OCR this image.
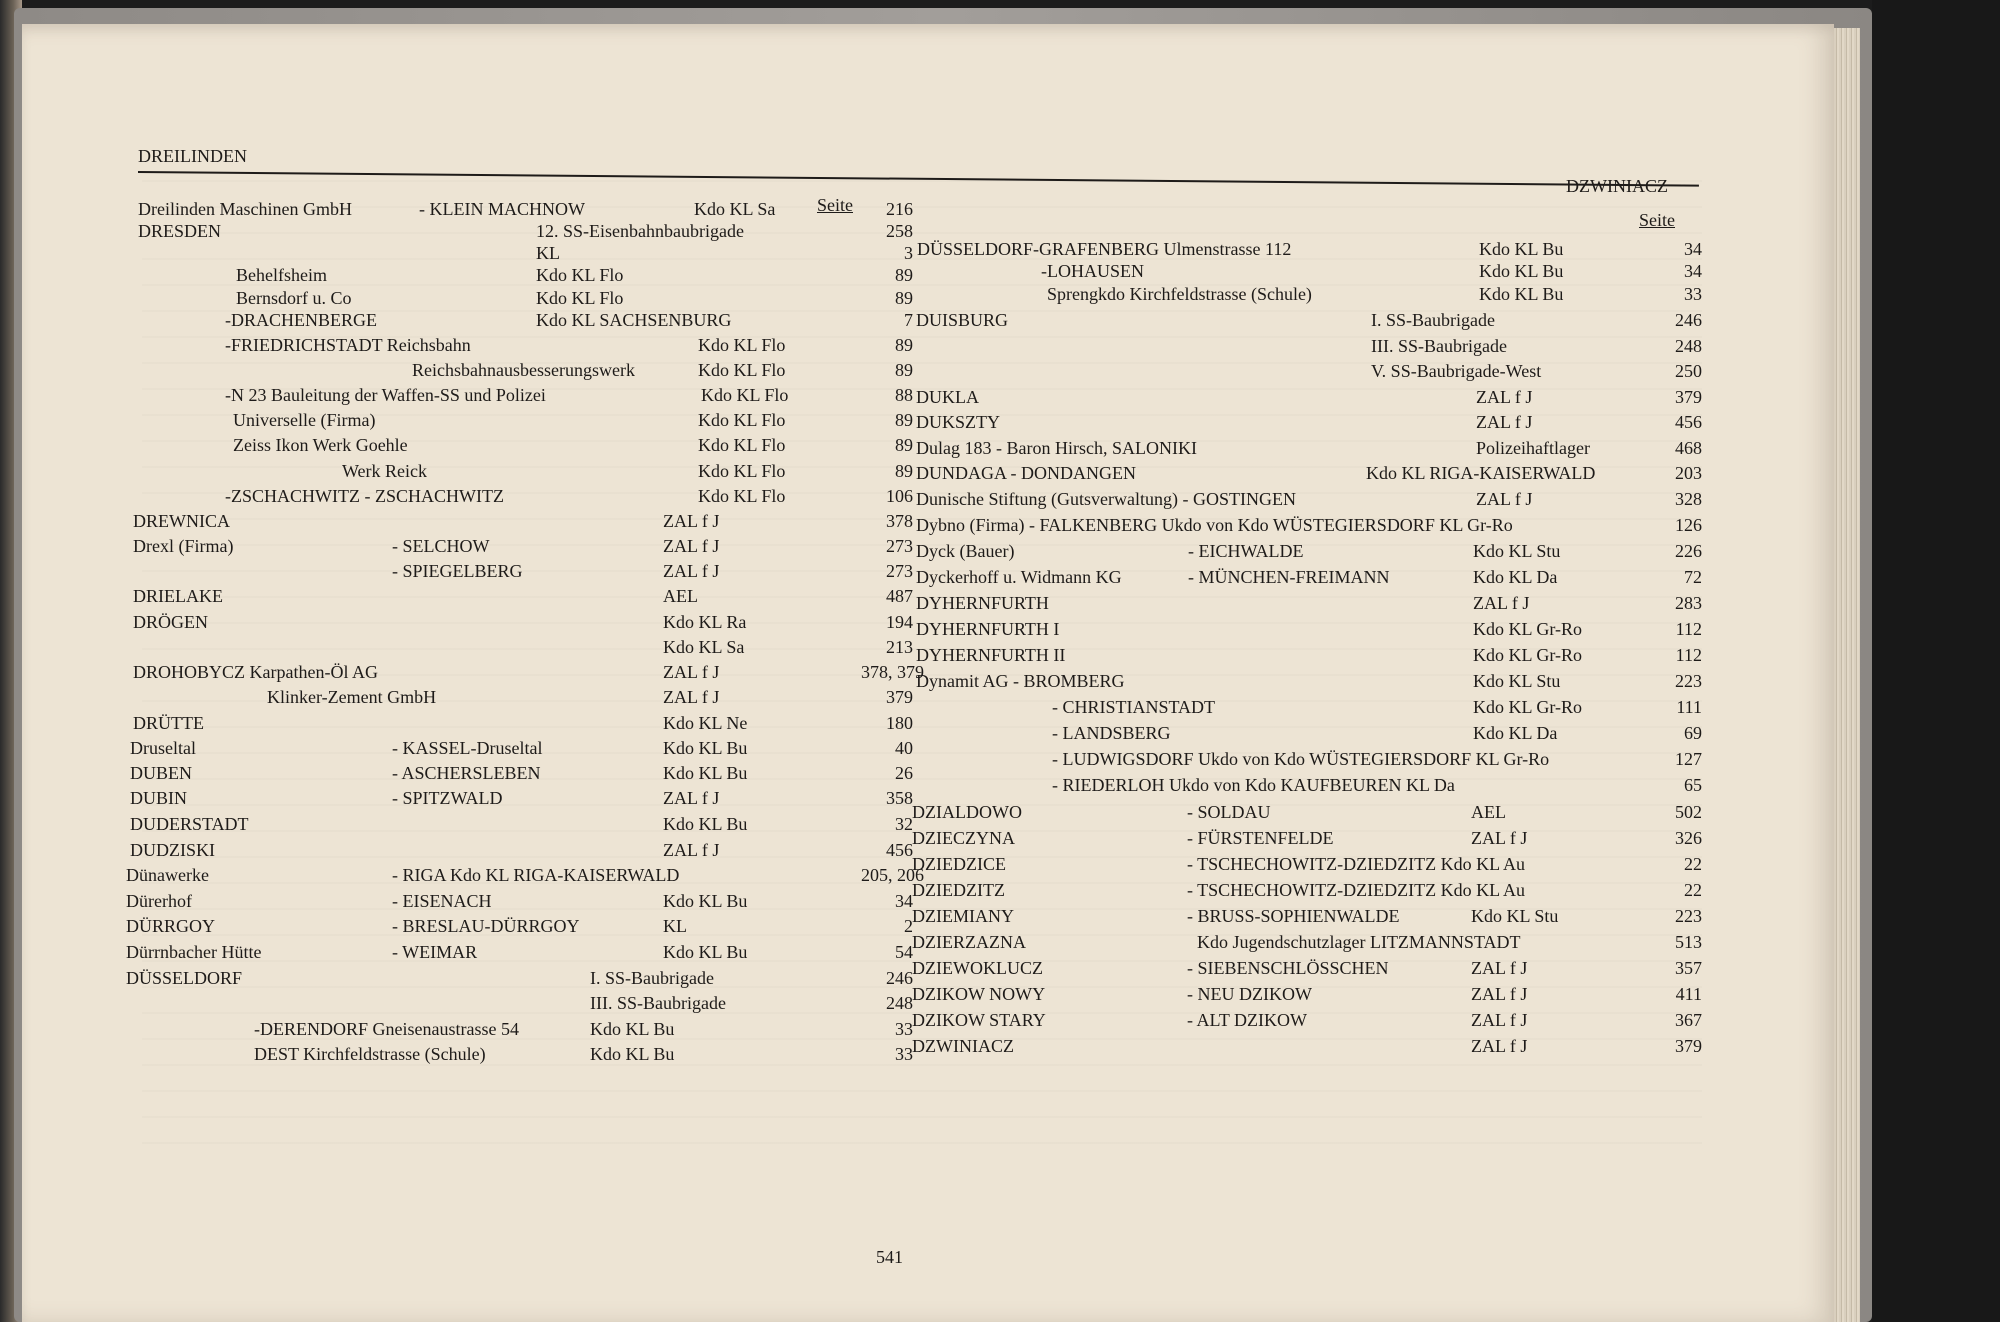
DREILINDEN
DZWINIACZ
Seite
Seite
Dreilinden Maschinen GmbH	- KLEIN MACHNOW	Kdo KL Sa	216
DRESDEN	12. SS-Eisenbahnbaubrigade	258
KL	3
Behelfsheim	Kdo KL Flo	89
Bernsdorf u. Co	Kdo KL Flo	89
-DRACHENBERGE	Kdo KL SACHSENBURG	7
-FRIEDRICHSTADT Reichsbahn	Kdo KL Flo	89
Reichsbahnausbesserungswerk	Kdo KL Flo	89
-N 23 Bauleitung der Waffen-SS und Polizei	Kdo KL Flo	88
Universelle (Firma)	Kdo KL Flo	89
Zeiss Ikon Werk Goehle	Kdo KL Flo	89
Werk Reick	Kdo KL Flo	89
-ZSCHACHWITZ - ZSCHACHWITZ	Kdo KL Flo	106
DREWNICA	ZAL f J	378
Drexl (Firma)	- SELCHOW	ZAL f J	273
- SPIEGELBERG	ZAL f J	273
DRIELAKE	AEL	487
DRÖGEN	Kdo KL Ra	194
Kdo KL Sa	213
DROHOBYCZ Karpathen-Öl AG	ZAL f J	378, 379
Klinker-Zement GmbH	ZAL f J	379
DRÜTTE	Kdo KL Ne	180
Druseltal	- KASSEL-Druseltal	Kdo KL Bu	40
DUBEN	- ASCHERSLEBEN	Kdo KL Bu	26
DUBIN	- SPITZWALD	ZAL f J	358
DUDERSTADT	Kdo KL Bu	32
DUDZISKI	ZAL f J	456
Dünawerke	- RIGA Kdo KL RIGA-KAISERWALD	205, 206
Dürerhof	- EISENACH	Kdo KL Bu	34
DÜRRGOY	- BRESLAU-DÜRRGOY	KL	2
Dürrnbacher Hütte	- WEIMAR	Kdo KL Bu	54
DÜSSELDORF	I. SS-Baubrigade	246
III. SS-Baubrigade	248
-DERENDORF Gneisenaustrasse 54	Kdo KL Bu	33
DEST Kirchfeldstrasse (Schule)	Kdo KL Bu	33
DÜSSELDORF-GRAFENBERG Ulmenstrasse 112	Kdo KL Bu	34
-LOHAUSEN	Kdo KL Bu	34
Sprengkdo Kirchfeldstrasse (Schule)	Kdo KL Bu	33
DUISBURG	I. SS-Baubrigade	246
III. SS-Baubrigade	248
V. SS-Baubrigade-West	250
DUKLA	ZAL f J	379
DUKSZTY	ZAL f J	456
Dulag 183 - Baron Hirsch, SALONIKI	Polizeihaftlager	468
DUNDAGA - DONDANGEN	Kdo KL RIGA-KAISERWALD	203
Dunische Stiftung (Gutsverwaltung) - GOSTINGEN	ZAL f J	328
Dybno (Firma) - FALKENBERG Ukdo von Kdo WÜSTEGIERSDORF KL Gr-Ro	126
Dyck (Bauer)	- EICHWALDE	Kdo KL Stu	226
Dyckerhoff u. Widmann KG	- MÜNCHEN-FREIMANN	Kdo KL Da	72
DYHERNFURTH	ZAL f J	283
DYHERNFURTH I	Kdo KL Gr-Ro	112
DYHERNFURTH II	Kdo KL Gr-Ro	112
Dynamit AG - BROMBERG	Kdo KL Stu	223
- CHRISTIANSTADT	Kdo KL Gr-Ro	111
- LANDSBERG	Kdo KL Da	69
- LUDWIGSDORF Ukdo von Kdo WÜSTEGIERSDORF KL Gr-Ro	127
- RIEDERLOH Ukdo von Kdo KAUFBEUREN KL Da	65
DZIALDOWO	- SOLDAU	AEL	502
DZIECZYNA	- FÜRSTENFELDE	ZAL f J	326
DZIEDZICE	- TSCHECHOWITZ-DZIEDZITZ Kdo KL Au	22
DZIEDZITZ	- TSCHECHOWITZ-DZIEDZITZ Kdo KL Au	22
DZIEMIANY	- BRUSS-SOPHIENWALDE	Kdo KL Stu	223
DZIERZAZNA	Kdo Jugendschutzlager LITZMANNSTADT	513
DZIEWOKLUCZ	- SIEBENSCHLÖSSCHEN	ZAL f J	357
DZIKOW NOWY	- NEU DZIKOW	ZAL f J	411
DZIKOW STARY	- ALT DZIKOW	ZAL f J	367
DZWINIACZ	ZAL f J	379
541
